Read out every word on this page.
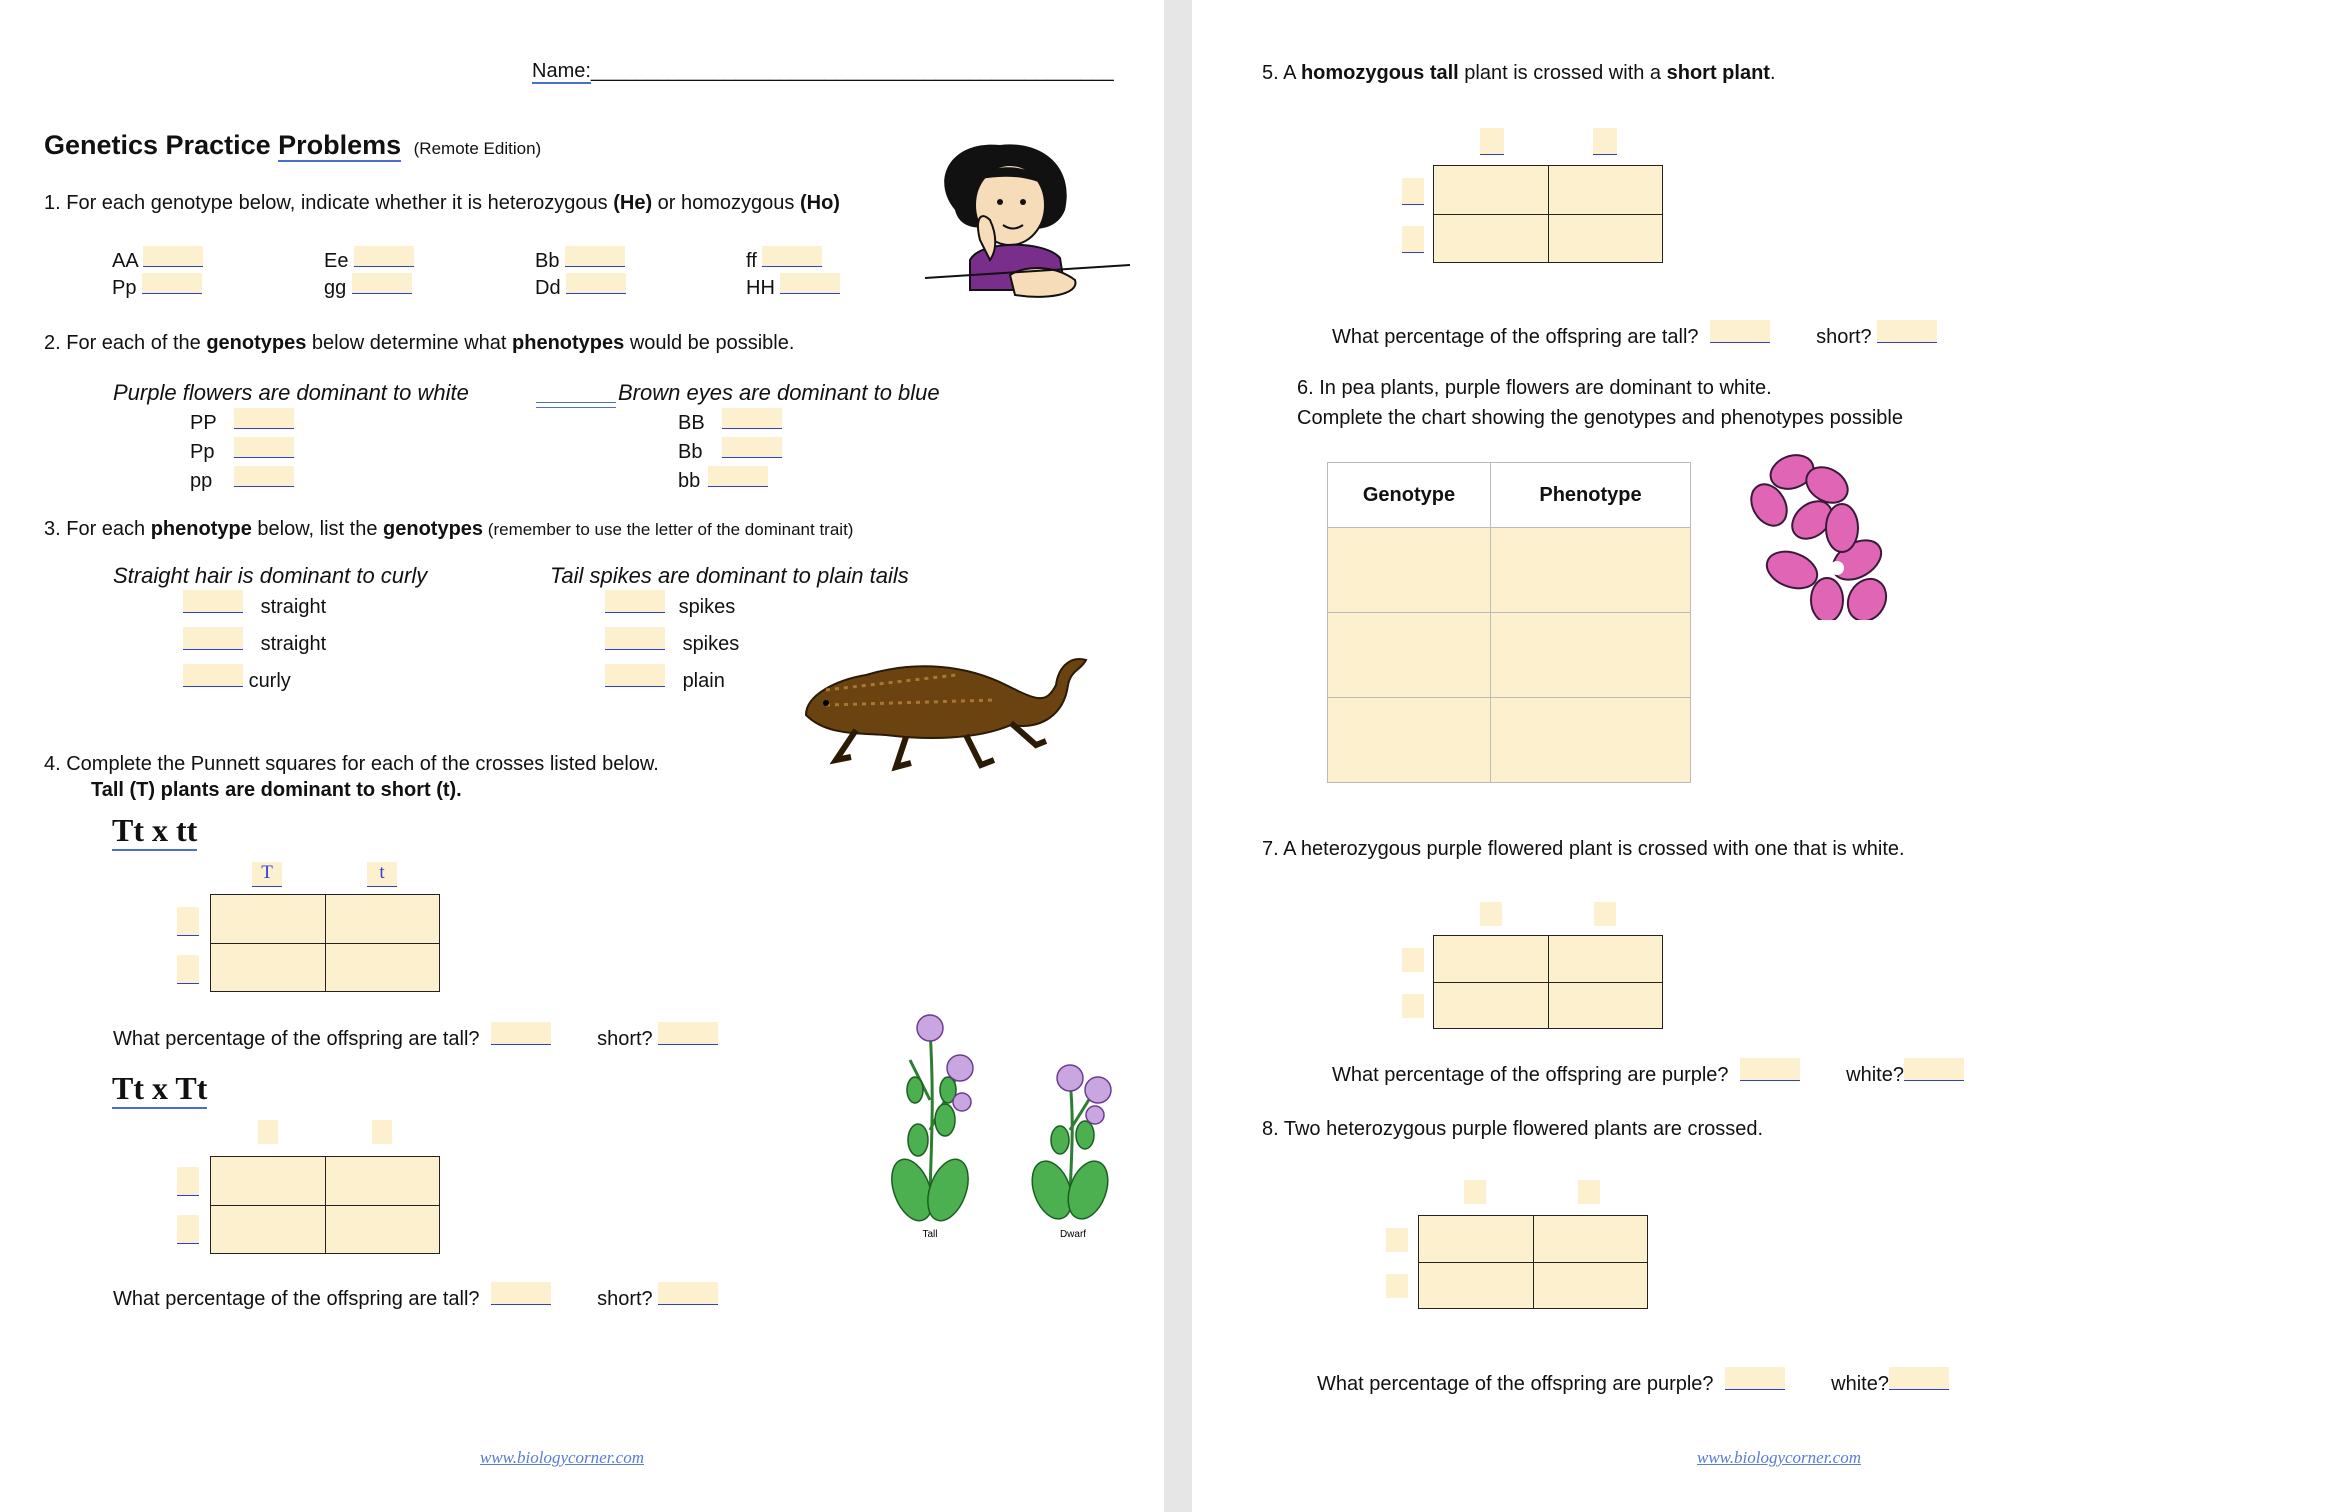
Name:_______________________________________________
Genetics Practice Problems (Remote Edition)
1. For each genotype below, indicate whether it is heterozygous (He) or homozygous (Ho)
AA	Ee	Bb	ff
Pp	gg	Dd	HH
2. For each of the genotypes below determine what phenotypes would be possible.
Purple flowers are dominant to white	Brown eyes are dominant to blue
PP
Pp
pp
BB
Bb
bb
3. For each phenotype below, list the genotypes (remember to use the letter of the dominant trait)
Straight hair is dominant to curly	Tail spikes are dominant to plain tails
straight
straight
curly
spikes
spikes
plain
4. Complete the Punnett squares for each of the crosses listed below.
Tall (T) plants are dominant to short (t).
Tt x tt
T	t
What percentage of the offspring are tall?	short?
Tt x Tt
Tall	Dwarf
What percentage of the offspring are tall?	short?
www.biologycorner.com
5. A homozygous tall plant is crossed with a short plant.
What percentage of the offspring are tall?	short?
6. In pea plants, purple flowers are dominant to white.
Complete the chart showing the genotypes and phenotypes possible
Genotype	Phenotype

7. A heterozygous purple flowered plant is crossed with one that is white.
What percentage of the offspring are purple?	white?
8. Two heterozygous purple flowered plants are crossed.
What percentage of the offspring are purple?	white?
www.biologycorner.com
